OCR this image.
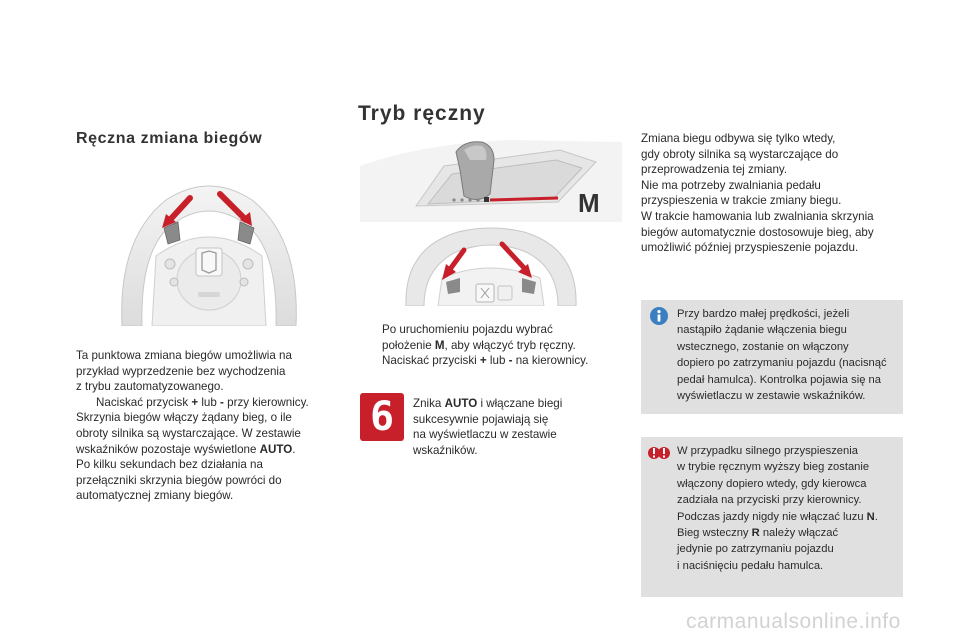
Tryb ręczny
Ręczna zmiana biegów

Ta punktowa zmiana biegów umożliwia na

przykład wyprzedzenie bez wychodzenia

z trybu zautomatyzowanego.

Naciskać przycisk + lub - przy kierownicy.

Skrzynia biegów włączy żądany bieg, o ile

obroty silnika są wystarczające. W zestawie

wskaźników pozostaje wyświetlone AUTO.

Po kilku sekundach bez działania na

przełączniki skrzynia biegów powróci do

automatycznej zmiany biegów.

M

Po uruchomieniu pojazdu wybrać

położenie M, aby włączyć tryb ręczny.

Naciskać przyciski + lub - na kierownicy.

6	Znika AUTO i włączane biegi

sukcesywnie pojawiają się

na wyświetlaczu w zestawie

wskaźników.

Zmiana biegu odbywa się tylko wtedy,

gdy obroty silnika są wystarczające do

przeprowadzenia tej zmiany.

Nie ma potrzeby zwalniania pedału

przyspieszenia w trakcie zmiany biegu.

W trakcie hamowania lub zwalniania skrzynia

biegów automatycznie dostosowuje bieg, aby

umożliwić później przyspieszenie pojazdu.

Przy bardzo małej prędkości, jeżeli

nastąpiło żądanie włączenia biegu

wstecznego, zostanie on włączony

dopiero po zatrzymaniu pojazdu (nacisnąć

pedał hamulca). Kontrolka pojawia się na

wyświetlaczu w zestawie wskaźników.

W przypadku silnego przyspieszenia

w trybie ręcznym wyższy bieg zostanie

włączony dopiero wtedy, gdy kierowca

zadziała na przyciski przy kierownicy.

Podczas jazdy nigdy nie włączać luzu N.

Bieg wsteczny R należy włączać

jedynie po zatrzymaniu pojazdu

i naciśnięciu pedału hamulca.

carmanualsonline.info
